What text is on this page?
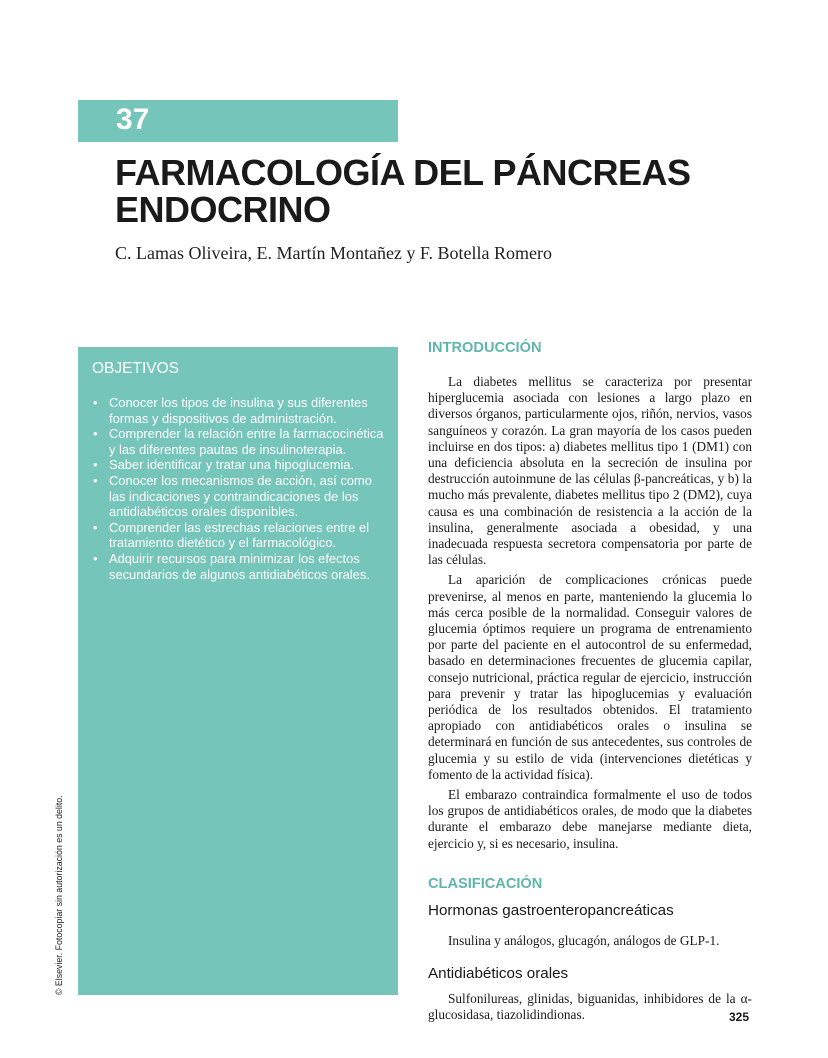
37
FARMACOLOGÍA DEL PÁNCREAS ENDOCRINO
C. Lamas Oliveira, E. Martín Montañez y F. Botella Romero
OBJETIVOS
• Conocer los tipos de insulina y sus diferentes formas y dispositivos de administración.
• Comprender la relación entre la farmacocinética y las diferentes pautas de insulinoterapia.
• Saber identificar y tratar una hipoglucemia.
• Conocer los mecanismos de acción, así como las indicaciones y contraindicaciones de los antidiabéticos orales disponibles.
• Comprender las estrechas relaciones entre el tratamiento dietético y el farmacológico.
• Adquirir recursos para minimizar los efectos secundarios de algunos antidiabéticos orales.
© Elsevier. Fotocopiar sin autorización es un delito.
INTRODUCCIÓN

La diabetes mellitus se caracteriza por presentar hiperglucemia asociada con lesiones a largo plazo en diversos órganos, particularmente ojos, riñón, nervios, vasos sanguíneos y corazón. La gran mayoría de los casos pueden incluirse en dos tipos: a) diabetes mellitus tipo 1 (DM1) con una deficiencia absoluta en la secreción de insulina por destrucción autoinmune de las células β-pancreáticas, y b) la mucho más prevalente, diabetes mellitus tipo 2 (DM2), cuya causa es una combinación de resistencia a la acción de la insulina, generalmente asociada a obesidad, y una inadecuada respuesta secretora compensatoria por parte de las células.

La aparición de complicaciones crónicas puede prevenirse, al menos en parte, manteniendo la glucemia lo más cerca posible de la normalidad. Conseguir valores de glucemia óptimos requiere un programa de entrenamiento por parte del paciente en el autocontrol de su enfermedad, basado en determinaciones frecuentes de glucemia capilar, consejo nutricional, práctica regular de ejercicio, instrucción para prevenir y tratar las hipoglucemias y evaluación periódica de los resultados obtenidos. El tratamiento apropiado con antidiabéticos orales o insulina se determinará en función de sus antecedentes, sus controles de glucemia y su estilo de vida (intervenciones dietéticas y fomento de la actividad física).

El embarazo contraindica formalmente el uso de todos los grupos de antidiabéticos orales, de modo que la diabetes durante el embarazo debe manejarse mediante dieta, ejercicio y, si es necesario, insulina.

CLASIFICACIÓN
Hormonas gastroenteropancreáticas

Insulina y análogos, glucagón, análogos de GLP-1.

Antidiabéticos orales

Sulfonilureas, glinidas, biguanidas, inhibidores de la α-glucosidasa, tiazolidindionas.	325
